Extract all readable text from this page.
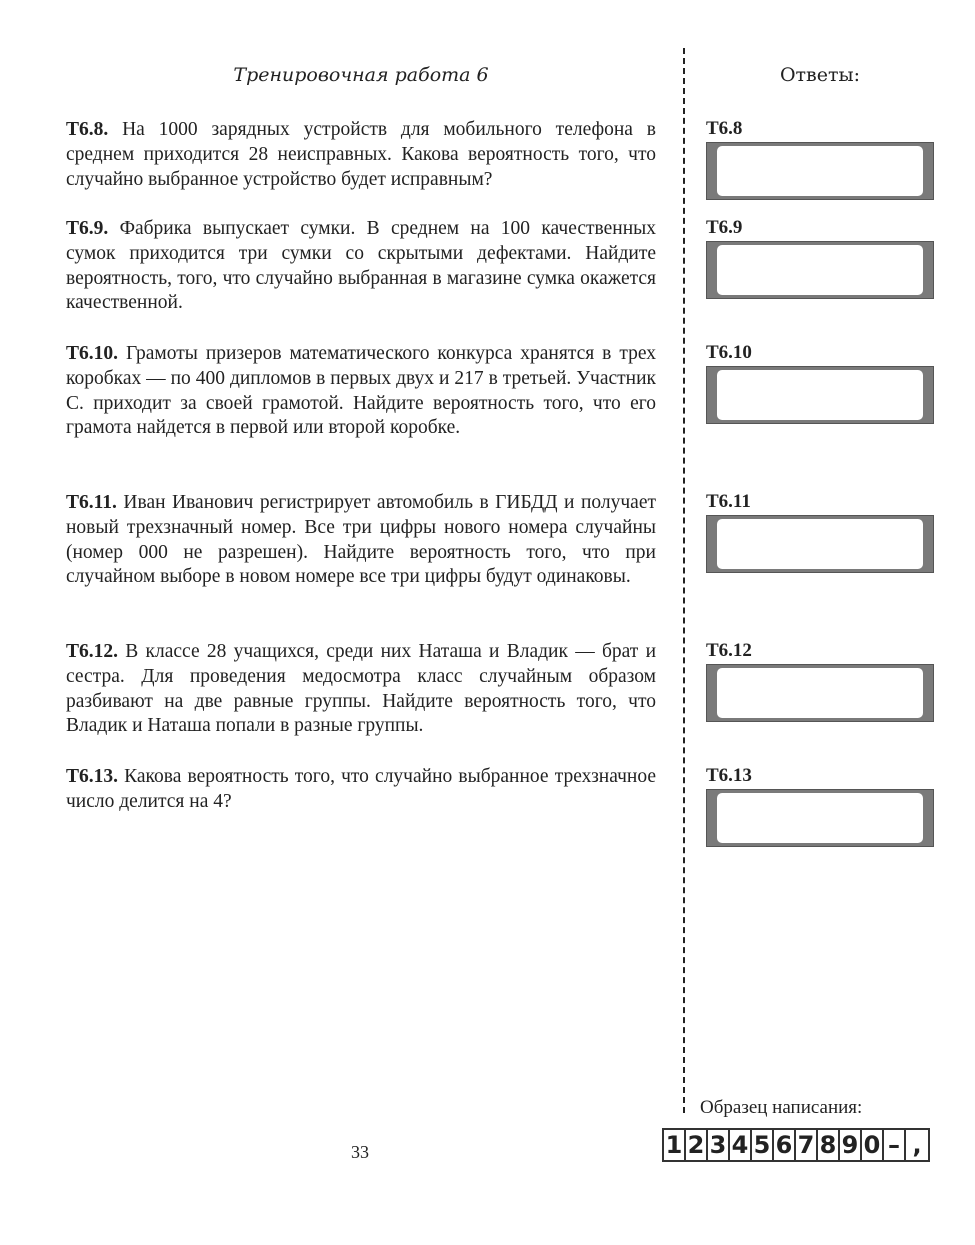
Тренировочная работа 6	Ответы:
Т6.8. На 1000 зарядных устройств для мобильного телефона в среднем приходится 28 неисправных. Какова вероятность того, что случайно выбранное устройство будет исправным?
Т6.9. Фабрика выпускает сумки. В среднем на 100 качественных сумок приходится три сумки со скрытыми дефектами. Найдите вероятность, того, что случайно выбранная в магазине сумка окажется качественной.
Т6.10. Грамоты призеров математического конкурса хранятся в трех коробках — по 400 дипломов в первых двух и 217 в третьей. Участник С. приходит за своей грамотой. Найдите вероятность того, что его грамота найдется в первой или второй коробке.
Т6.11. Иван Иванович регистрирует автомобиль в ГИБДД и получает новый трехзначный номер. Все три цифры нового номера случайны (номер 000 не разрешен). Найдите вероятность того, что при случайном выборе в новом номере все три цифры будут одинаковы.
Т6.12. В классе 28 учащихся, среди них Наташа и Владик — брат и сестра. Для проведения медосмотра класс случайным образом разбивают на две равные группы. Найдите вероятность того, что Владик и Наташа попали в разные группы.
Т6.13. Какова вероятность того, что случайно выбранное трехзначное число делится на 4?
Т6.8
Т6.9
Т6.10
Т6.11
Т6.12
Т6.13
33
Образец написания:
1 2 3 4 5 6 7 8 9 0 – ,
